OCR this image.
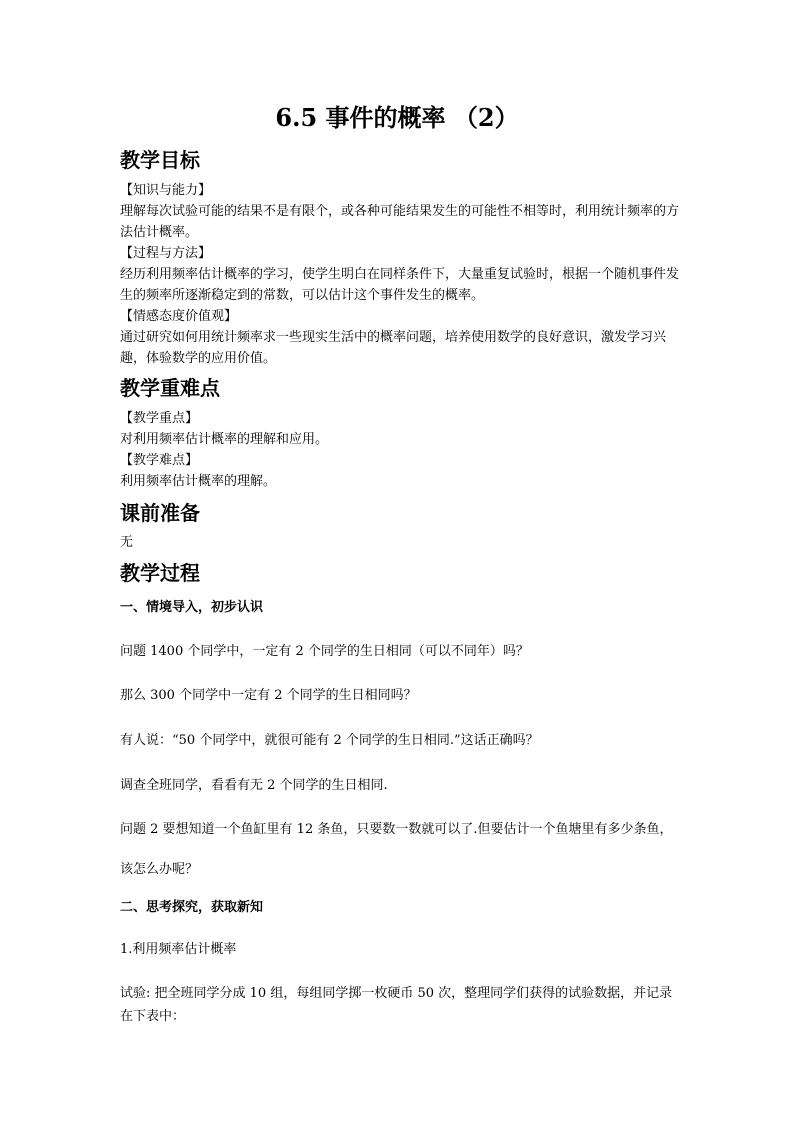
6.5 事件的概率 （2）
教学目标
【知识与能力】
理解每次试验可能的结果不是有限个，或各种可能结果发生的可能性不相等时，利用统计频率的方法估计概率。
【过程与方法】
经历利用频率估计概率的学习，使学生明白在同样条件下，大量重复试验时，根据一个随机事件发生的频率所逐渐稳定到的常数，可以估计这个事件发生的概率。
【情感态度价值观】
通过研究如何用统计频率求一些现实生活中的概率问题，培养使用数学的良好意识，激发学习兴趣，体验数学的应用价值。
教学重难点
【教学重点】
对利用频率估计概率的理解和应用。
【教学难点】
利用频率估计概率的理解。
课前准备
无
教学过程
一、情境导入，初步认识
问题 1400 个同学中，一定有 2 个同学的生日相同（可以不同年）吗？
那么 300 个同学中一定有 2 个同学的生日相同吗？
有人说：“50 个同学中，就很可能有 2 个同学的生日相同.”这话正确吗？
调查全班同学，看看有无 2 个同学的生日相同.
问题 2 要想知道一个鱼缸里有 12 条鱼，只要数一数就可以了.但要估计一个鱼塘里有多少条鱼，该怎么办呢？
二、思考探究，获取新知
1.利用频率估计概率
试验: 把全班同学分成 10 组，每组同学掷一枚硬币 50 次，整理同学们获得的试验数据，并记录在下表中：
